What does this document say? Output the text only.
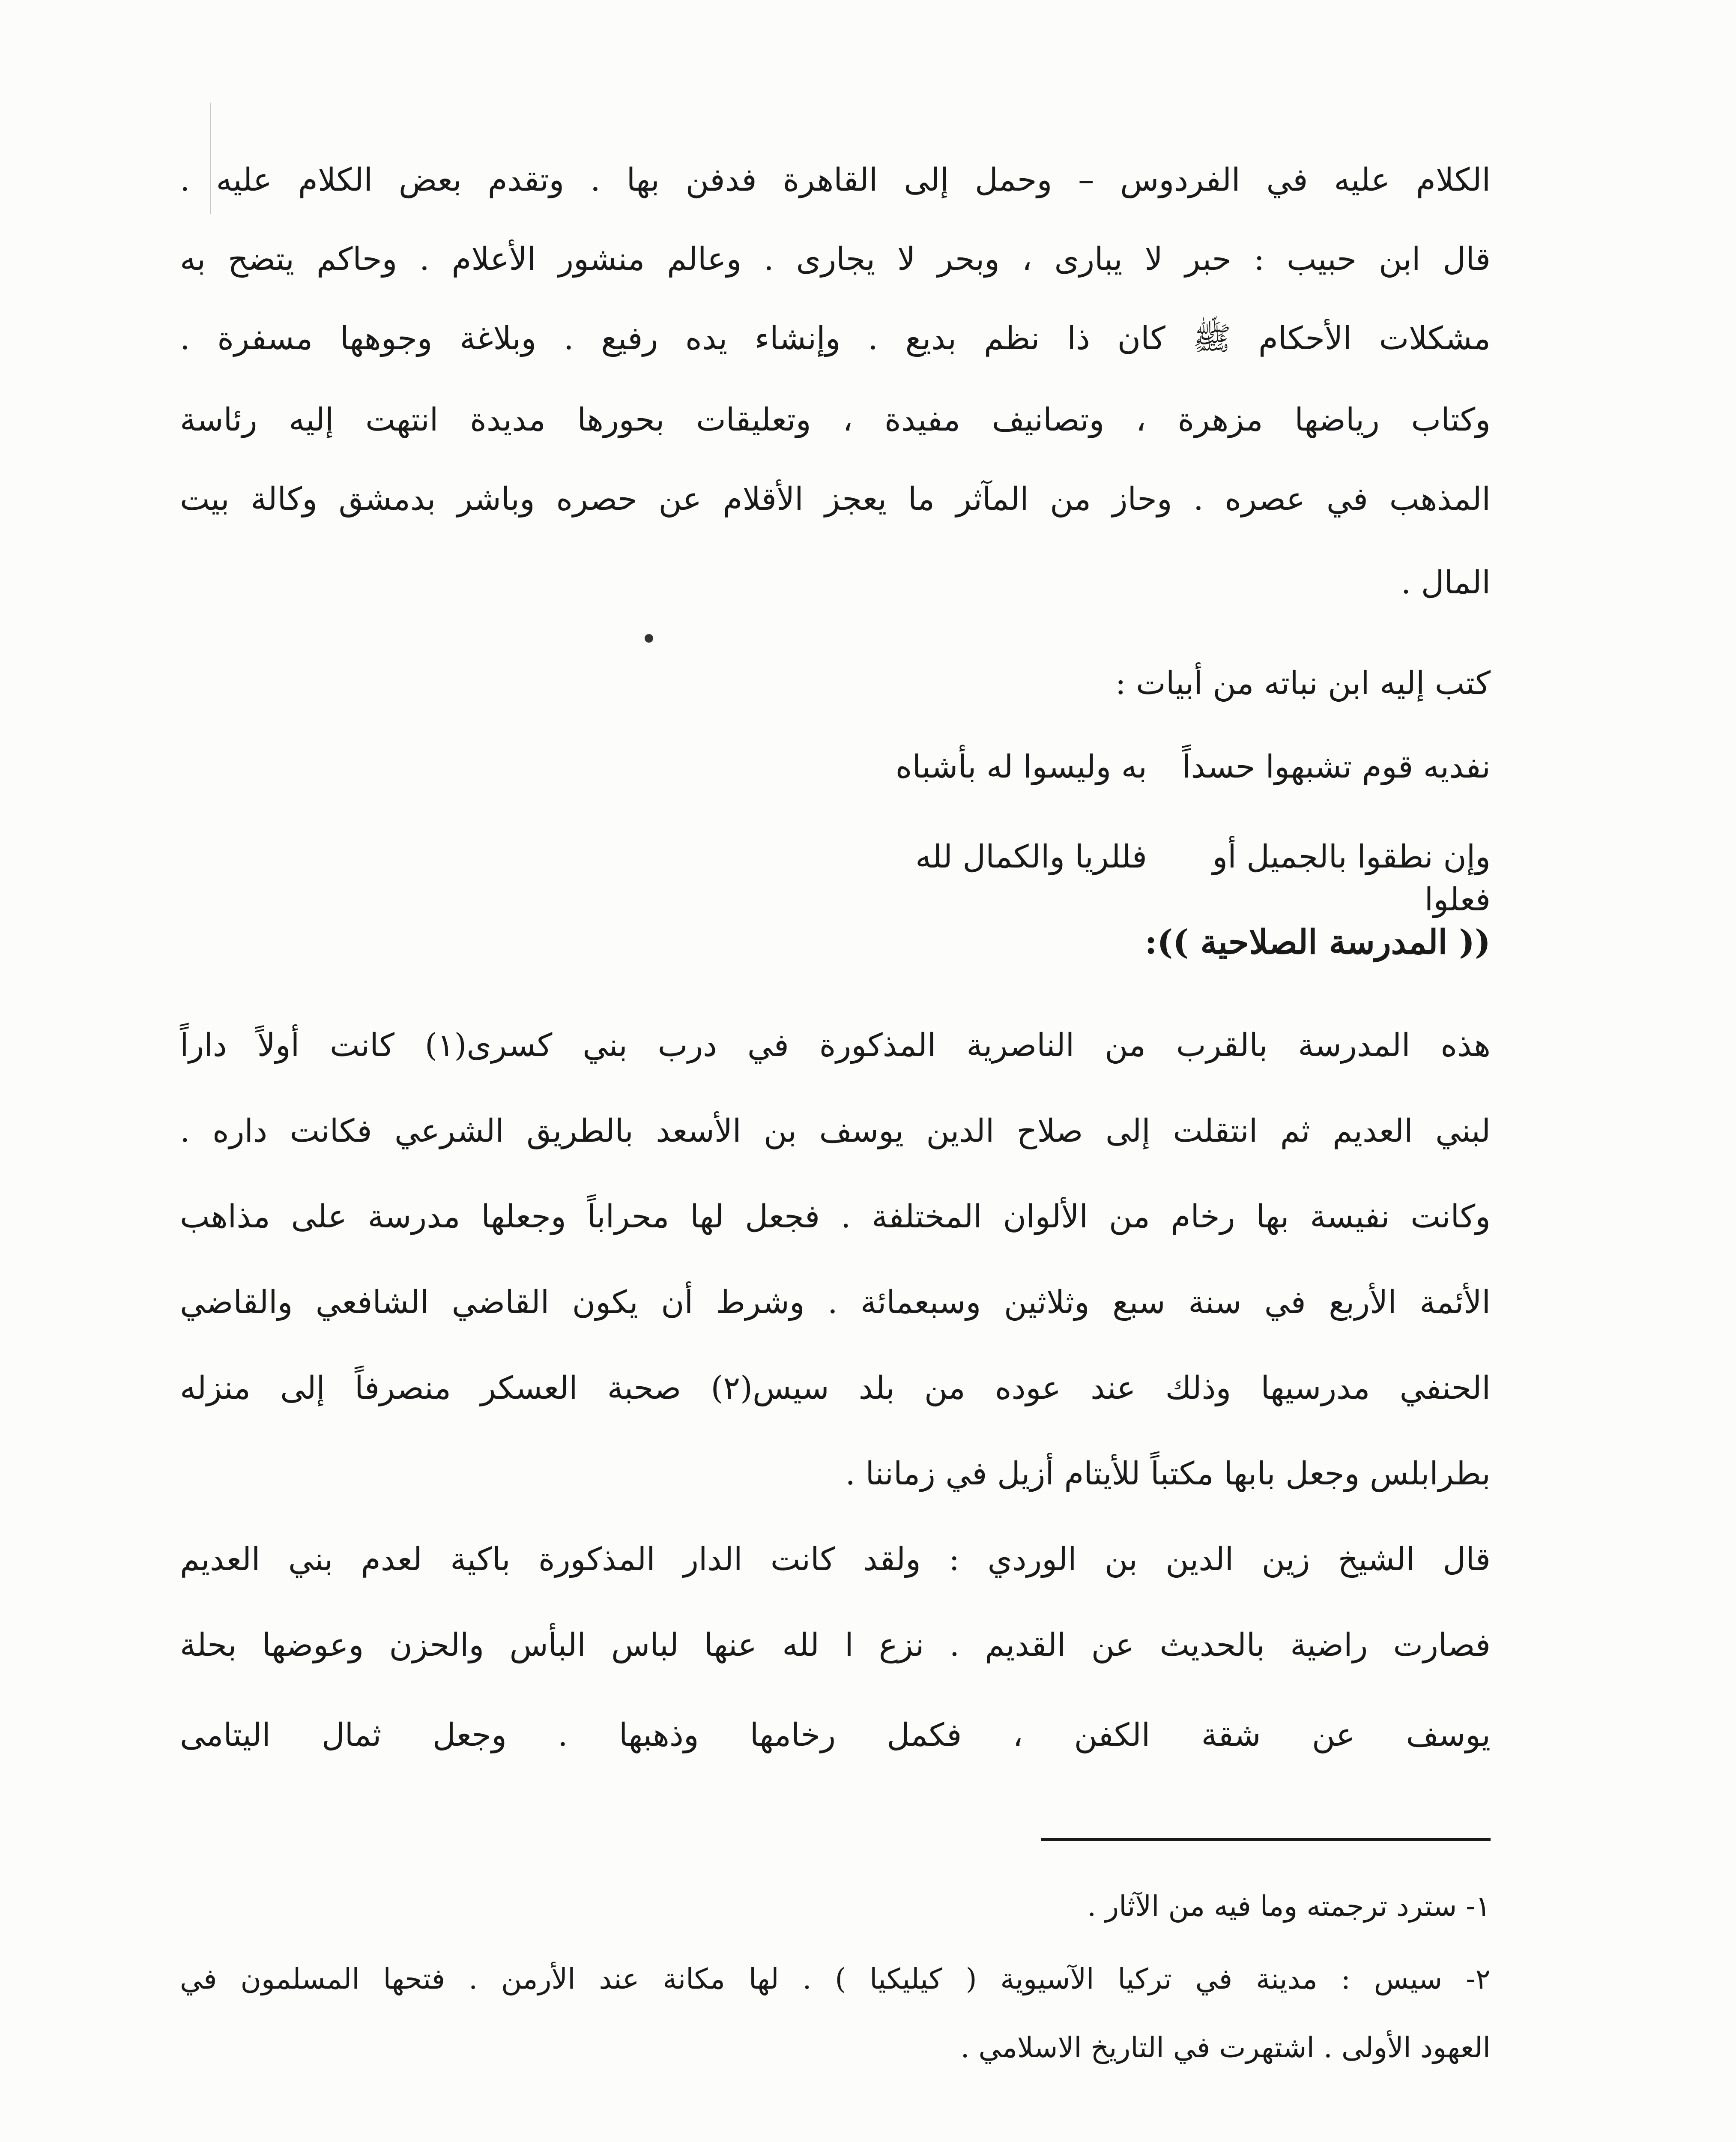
الكلام عليه في الفردوس – وحمل إلى القاهرة فدفن بها . وتقدم بعض الكلام عليه .
قال ابن حبيب : حبر لا يبارى ، وبحر لا يجارى . وعالم منشور الأعلام . وحاكم يتضح به
مشكلات الأحكام ﷺ كان ذا نظم بديع . وإنشاء يده رفيع . وبلاغة وجوهها مسفرة .
وكتاب رياضها مزهرة ، وتصانيف مفيدة ، وتعليقات بحورها مديدة انتهت إليه رئاسة
المذهب في عصره . وحاز من المآثر ما يعجز الأقلام عن حصره وباشر بدمشق وكالة بيت
المال .
كتب إليه ابن نباته من أبيات :
نفديه قوم تشبهوا حسداً
به وليسوا له بأشباه
وإن نطقوا بالجميل أو فعلوا
فللريا والكمال لله
(( المدرسة الصلاحية )):
هذه المدرسة بالقرب من الناصرية المذكورة في درب بني كسرى(١) كانت أولاً داراً
لبني العديم ثم انتقلت إلى صلاح الدين يوسف بن الأسعد بالطريق الشرعي فكانت داره .
وكانت نفيسة بها رخام من الألوان المختلفة . فجعل لها محراباً وجعلها مدرسة على مذاهب
الأئمة الأربع في سنة سبع وثلاثين وسبعمائة . وشرط أن يكون القاضي الشافعي والقاضي
الحنفي مدرسيها وذلك عند عوده من بلد سيس(٢) صحبة العسكر منصرفاً إلى منزله
بطرابلس وجعل بابها مكتباً للأيتام أزيل في زماننا .
قال الشيخ زين الدين بن الوردي : ولقد كانت الدار المذكورة باكية لعدم بني العديم
فصارت راضية بالحديث عن القديم . نزع ا لله عنها لباس البأس والحزن وعوضها بحلة
يوسف عن شقة الكفن ، فكمل رخامها وذهبها . وجعل ثمال اليتامى
١- سترد ترجمته وما فيه من الآثار .
٢- سيس : مدينة في تركيا الآسيوية ( كيليكيا ) . لها مكانة عند الأرمن . فتحها المسلمون في
العهود الأولى . اشتهرت في التاريخ الاسلامي .
